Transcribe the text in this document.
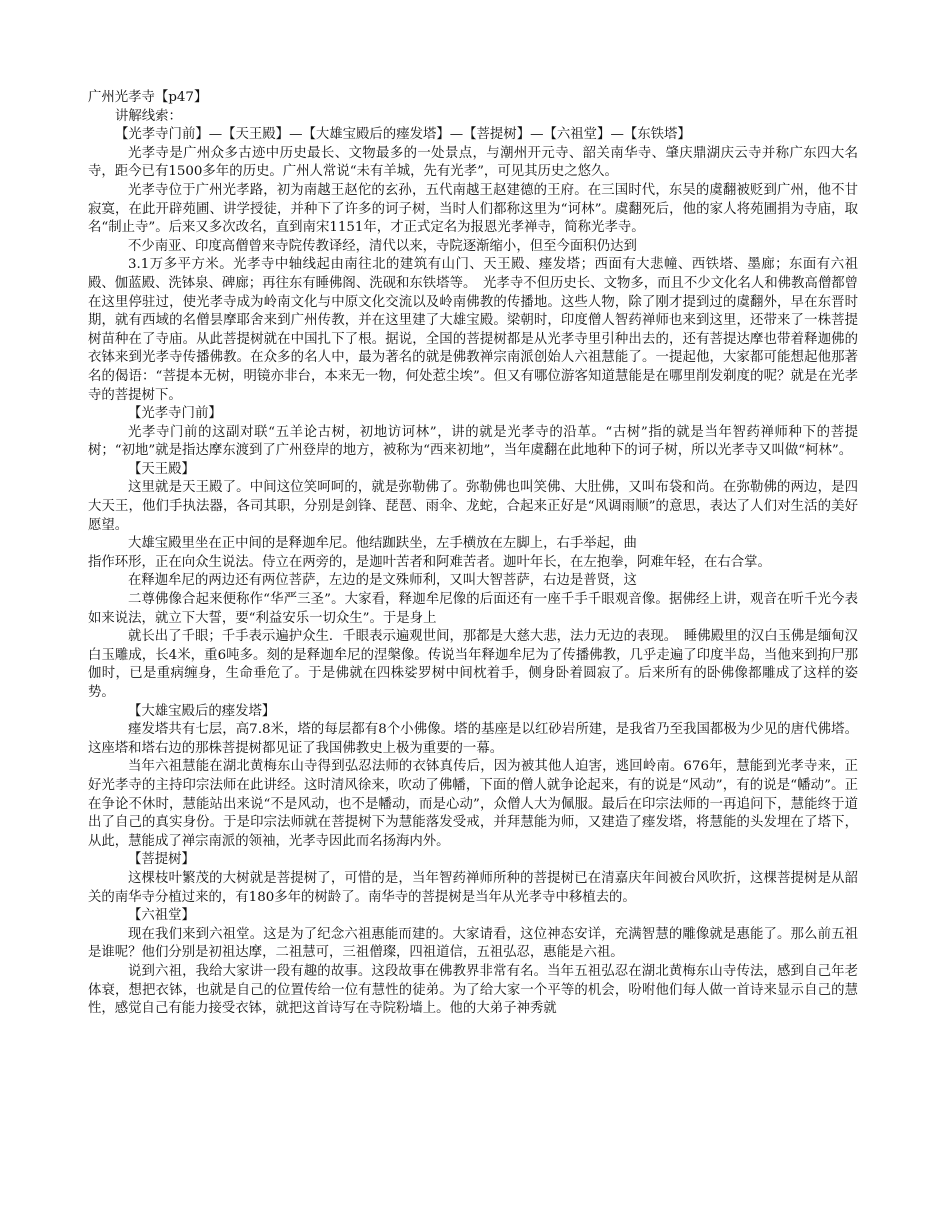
广州光孝寺【p47】
讲解线索：
【光孝寺门前】—【天王殿】—【大雄宝殿后的瘗发塔】—【菩提树】—【六祖堂】—【东铁塔】

光孝寺是广州众多古迹中历史最长、文物最多的一处景点，与潮州开元寺、韶关南华寺、肇庆鼎湖庆云寺并称广东四大名寺，距今已有1500多年的历史。广州人常说“未有羊城，先有光孝”，可见其历史之悠久。

光孝寺位于广州光孝路，初为南越王赵佗的玄孙，五代南越王赵建德的王府。在三国时代，东吴的虞翻被贬到广州，他不甘寂寞，在此开辟苑圃、讲学授徒，并种下了许多的诃子树，当时人们都称这里为“诃林”。虞翻死后，他的家人将苑圃捐为寺庙，取名“制止寺”。后来又多次改名，直到南宋1151年，才正式定名为报恩光孝禅寺，简称光孝寺。

不少南亚、印度高僧曾来寺院传教译经，清代以来，寺院逐渐缩小，但至今面积仍达到

3.1万多平方米。光孝寺中轴线起由南往北的建筑有山门、天王殿、瘗发塔；西面有大悲幢、西铁塔、墨廊；东面有六祖殿、伽蓝殿、洗钵泉、碑廊；再往东有睡佛阁、洗砚和东铁塔等。　光孝寺不但历史长、文物多，而且不少文化名人和佛教高僧都曾在这里停驻过，使光孝寺成为岭南文化与中原文化交流以及岭南佛教的传播地。这些人物，除了刚才提到过的虞翻外，早在东晋时期，就有西域的名僧昙摩耶舍来到广州传教，并在这里建了大雄宝殿。梁朝时，印度僧人智药禅师也来到这里，还带来了一株菩提树苗种在了寺庙。从此菩提树就在中国扎下了根。据说，全国的菩提树都是从光孝寺里引种出去的，还有菩提达摩也带着释迦佛的衣钵来到光孝寺传播佛教。在众多的名人中，最为著名的就是佛教禅宗南派创始人六祖慧能了。一提起他，大家都可能想起他那著名的偈语：“菩提本无树，明镜亦非台，本来无一物，何处惹尘埃”。但又有哪位游客知道慧能是在哪里削发剃度的呢？就是在光孝寺的菩提树下。

【光孝寺门前】

光孝寺门前的这副对联“五羊论古树，初地访诃林”，讲的就是光孝寺的沿革。“古树”指的就是当年智药禅师种下的菩提树；“初地”就是指达摩东渡到了广州登岸的地方，被称为“西来初地”，当年虞翻在此地种下的诃子树，所以光孝寺又叫做“柯林”。

【天王殿】

这里就是天王殿了。中间这位笑呵呵的，就是弥勒佛了。弥勒佛也叫笑佛、大肚佛，又叫布袋和尚。在弥勒佛的两边，是四大天王，他们手执法器，各司其职，分别是剑锋、琵琶、雨伞、龙蛇，合起来正好是“风调雨顺”的意思，表达了人们对生活的美好愿望。

大雄宝殿里坐在正中间的是释迦牟尼。他结跏趺坐，左手横放在左脚上，右手举起，曲

指作环形，正在向众生说法。侍立在两旁的，是迦叶苦者和阿难苦者。迦叶年长，在左抱拳，阿难年轻，在右合掌。

在释迦牟尼的两边还有两位菩萨，左边的是文殊师利，又叫大智菩萨，右边是普贤，这

二尊佛像合起来便称作“华严三圣”。大家看，释迦牟尼像的后面还有一座千手千眼观音像。据佛经上讲，观音在听千光今表如来说法，就立下大誓，要“利益安乐一切众生”。于是身上

就长出了千眼；千手表示遍护众生．千眼表示遍观世间，那都是大慈大悲，法力无边的表现。　睡佛殿里的汉白玉佛是缅甸汉白玉雕成，长4米，重6吨多。刻的是释迦牟尼的涅槃像。传说当年释迦牟尼为了传播佛教，几乎走遍了印度半岛，当他来到拘尸那伽时，已是重病缠身，生命垂危了。于是佛就在四株娑罗树中间枕着手，侧身卧着圆寂了。后来所有的卧佛像都雕成了这样的姿势。

【大雄宝殿后的瘗发塔】

瘗发塔共有七层，高7.8米，塔的每层都有8个小佛像。塔的基座是以红砂岩所建，是我省乃至我国都极为少见的唐代佛塔。这座塔和塔右边的那株菩提树都见证了我国佛教史上极为重要的一幕。

当年六祖慧能在湖北黄梅东山寺得到弘忍法师的衣钵真传后，因为被其他人迫害，逃回岭南。676年，慧能到光孝寺来，正好光孝寺的主持印宗法师在此讲经。这时清风徐来，吹动了佛幡，下面的僧人就争论起来，有的说是“风动”，有的说是“幡动”。正在争论不休时，慧能站出来说“不是风动，也不是幡动，而是心动”，众僧人大为佩服。最后在印宗法师的一再追问下，慧能终于道出了自己的真实身份。于是印宗法师就在菩提树下为慧能落发受戒，并拜慧能为师，又建造了瘗发塔，将慧能的头发埋在了塔下，从此，慧能成了禅宗南派的领袖，光孝寺因此而名扬海内外。

【菩提树】

这棵枝叶繁茂的大树就是菩提树了，可惜的是，当年智药禅师所种的菩提树已在清嘉庆年间被台风吹折，这棵菩提树是从韶关的南华寺分植过来的，有180多年的树龄了。南华寺的菩提树是当年从光孝寺中移植去的。

【六祖堂】

现在我们来到六祖堂。这是为了纪念六祖惠能而建的。大家请看，这位神态安详，充满智慧的雕像就是惠能了。那么前五祖是谁呢？他们分别是初祖达摩，二祖慧可，三祖僧璨，四祖道信，五祖弘忍，惠能是六祖。

说到六祖，我给大家讲一段有趣的故事。这段故事在佛教界非常有名。当年五祖弘忍在湖北黄梅东山寺传法，感到自己年老体衰，想把衣钵，也就是自己的位置传给一位有慧性的徒弟。为了给大家一个平等的机会，吩咐他们每人做一首诗来显示自己的慧性，感觉自己有能力接受衣钵，就把这首诗写在寺院粉墙上。他的大弟子神秀就
